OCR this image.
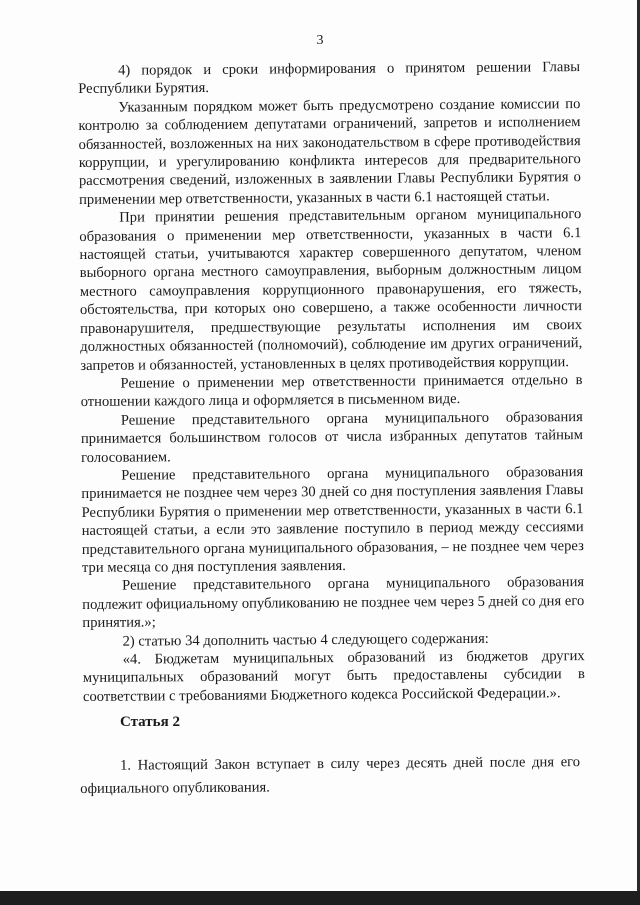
3

4) порядок и сроки информирования о принятом решении Главы Республики Бурятия.

Указанным порядком может быть предусмотрено создание комиссии по контролю за соблюдением депутатами ограничений, запретов и исполнением обязанностей, возложенных на них законодательством в сфере противодействия коррупции, и урегулированию конфликта интересов для предварительного рассмотрения сведений, изложенных в заявлении Главы Республики Бурятия о применении мер ответственности, указанных в части 6.1 настоящей статьи.

При принятии решения представительным органом муниципального образования о применении мер ответственности, указанных в части 6.1 настоящей статьи, учитываются характер совершенного депутатом, членом выборного органа местного самоуправления, выборным должностным лицом местного самоуправления коррупционного правонарушения, его тяжесть, обстоятельства, при которых оно совершено, а также особенности личности правонарушителя, предшествующие результаты исполнения им своих должностных обязанностей (полномочий), соблюдение им других ограничений, запретов и обязанностей, установленных в целях противодействия коррупции.

Решение о применении мер ответственности принимается отдельно в отношении каждого лица и оформляется в письменном виде.

Решение представительного органа муниципального образования принимается большинством голосов от числа избранных депутатов тайным голосованием.

Решение представительного органа муниципального образования принимается не позднее чем через 30 дней со дня поступления заявления Главы Республики Бурятия о применении мер ответственности, указанных в части 6.1 настоящей статьи, а если это заявление поступило в период между сессиями представительного органа муниципального образования, – не позднее чем через три месяца со дня поступления заявления.

Решение представительного органа муниципального образования подлежит официальному опубликованию не позднее чем через 5 дней со дня его принятия.»;

2) статью 34 дополнить частью 4 следующего содержания:

«4. Бюджетам муниципальных образований из бюджетов других муниципальных образований могут быть предоставлены субсидии в соответствии с требованиями Бюджетного кодекса Российской Федерации.».

Статья 2

1. Настоящий Закон вступает в силу через десять дней после дня его официального опубликования.
